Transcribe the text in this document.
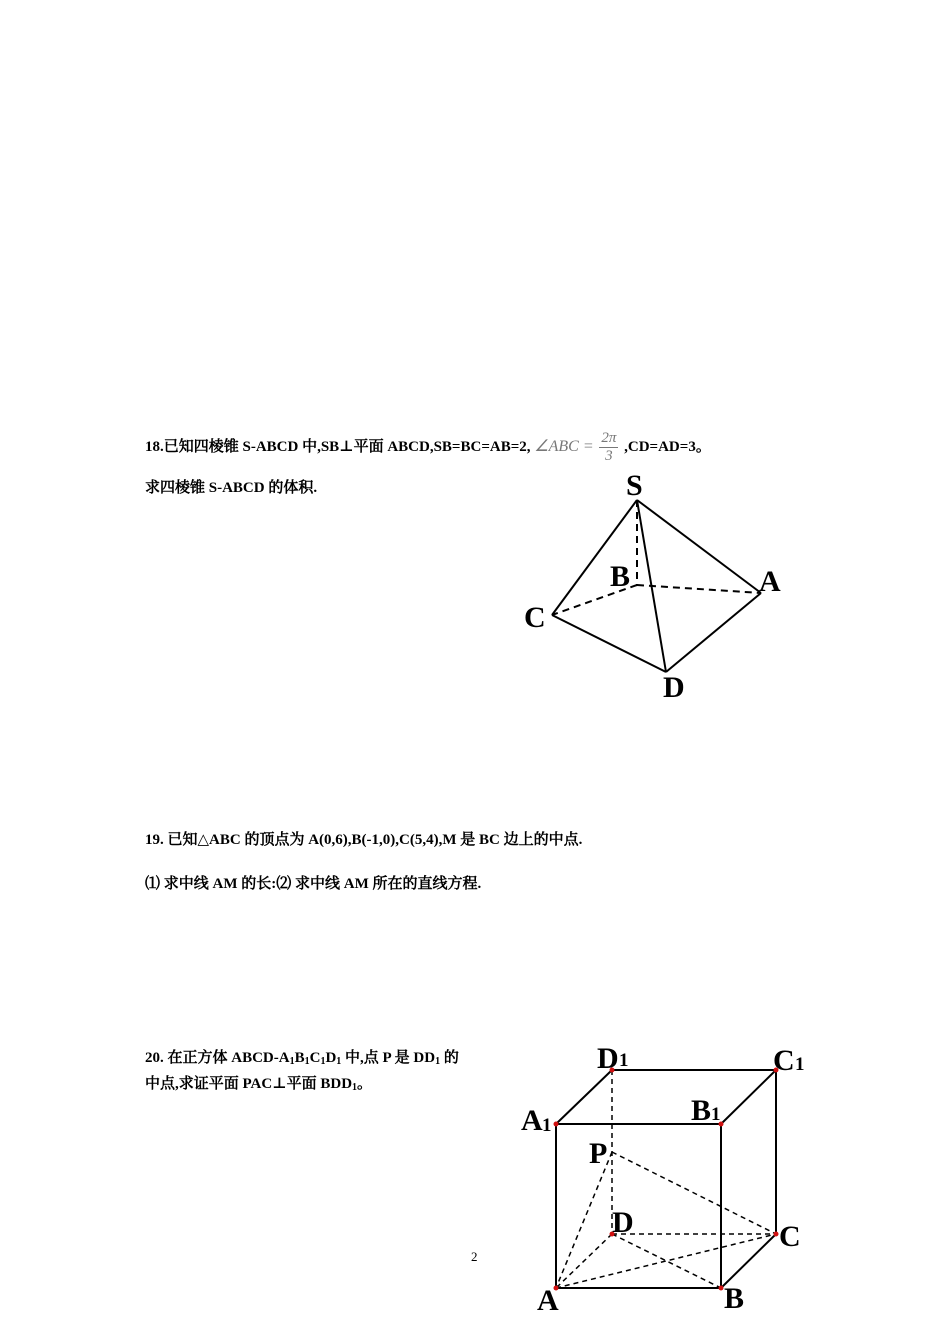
18.已知四棱锥 S-ABCD 中,SB⊥平面 ABCD,SB=BC=AB=2, ∠ABC = $\frac{2\pi}{3} ,CD=AD=3$。
求四棱锥 S-ABCD 的体积.	S
B	A
C
D
19. 已知△ABC 的顶点为 A(0,6),B(-1,0),C(5,4),M 是 BC 边上的中点.
⑴ 求中线 AM 的长:⑵ 求中线 AM 所在的直线方程.
20. 在正方体 ABCD-$A_1B_1C_1D_1$ 中,点 P 是 $DD_1$ 的
中点,求证平面 PAC⊥平面 $BDD_1$。
D 1	C 1
A 1	B 1
P
D	C
A	B
2
